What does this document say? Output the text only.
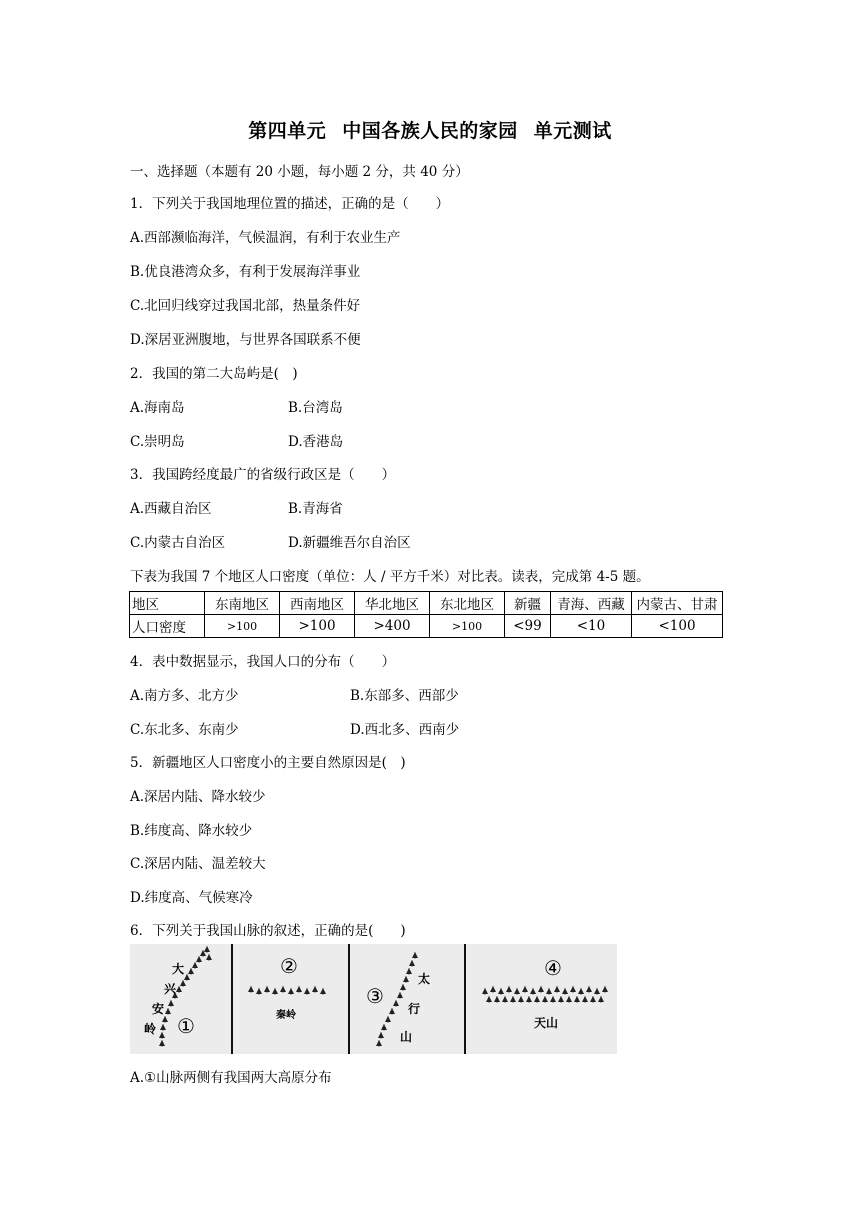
第四单元 中国各族人民的家园 单元测试
一、选择题（本题有 20 小题，每小题 2 分，共 40 分）
1．下列关于我国地理位置的描述，正确的是（　　）
A.西部濒临海洋，气候温润，有利于农业生产
B.优良港湾众多，有利于发展海洋事业
C.北回归线穿过我国北部，热量条件好
D.深居亚洲腹地，与世界各国联系不便
2．我国的第二大岛屿是(　)
A.海南岛	B.台湾岛
C.崇明岛	D.香港岛
3．我国跨经度最广的省级行政区是（　　）
A.西藏自治区	B.青海省
C.内蒙古自治区	D.新疆维吾尔自治区
下表为我国 7 个地区人口密度（单位：人 / 平方千米）对比表。读表，完成第 4-5 题。
地区	东南地区	西南地区	华北地区	东北地区	新疆	青海、西藏	内蒙古、甘肃
人口密度	>100	>100	>400	>100	<99	<10	<100
4．表中数据显示，我国人口的分布（　　）
A.南方多、北方少	B.东部多、西部少
C.东北多、东南少	D.西北多、西南少
5．新疆地区人口密度小的主要自然原因是(　)
A.深居内陆、降水较少
B.纬度高、降水较少
C.深居内陆、温差较大
D.纬度高、气候寒冷
6．下列关于我国山脉的叙述，正确的是(　　)
大
兴
安
岭 ①
②
秦岭
③
太
行
山
④
天山
A.①山脉两侧有我国两大高原分布
